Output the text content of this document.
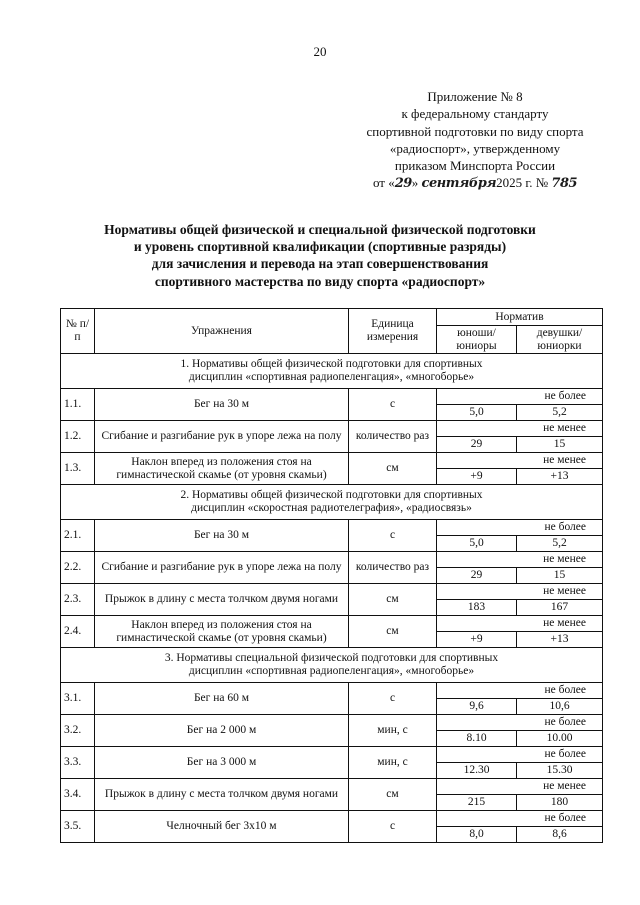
20
Приложение № 8
к федеральному стандарту
спортивной подготовки по виду спорта
«радиоспорт», утвержденному
приказом Минспорта России
от «29» сентября2025 г. № 785
Нормативы общей физической и специальной физической подготовки
и уровень спортивной квалификации (спортивные разряды)
для зачисления и перевода на этап совершенствования
спортивного мастерства по виду спорта «радиоспорт»
№ п/п	Упражнения	Единица измерения	Норматив	
			юноши/ юниоры	девушки/ юниорки

1. Нормативы общей физической подготовки для спортивных
дисциплин «спортивная радиопеленгация», «многоборье»				

1.1.	Бег на 30 м	с	не более	
			5,0	5,2
1.2.	Сгибание и разгибание рук в упоре лежа на полу	количество раз	не менее	
			29	15
1.3.	Наклон вперед из положения стоя на гимнастической скамье (от уровня скамьи)	см	не менее	
			+9	+13

2. Нормативы общей физической подготовки для спортивных
дисциплин «скоростная радиотелеграфия», «радиосвязь»				

2.1.	Бег на 30 м	с	не более	
			5,0	5,2
2.2.	Сгибание и разгибание рук в упоре лежа на полу	количество раз	не менее	
			29	15
2.3.	Прыжок в длину с места толчком двумя ногами	см	не менее	
			183	167
2.4.	Наклон вперед из положения стоя на гимнастической скамье (от уровня скамьи)	см	не менее	
			+9	+13

3. Нормативы специальной физической подготовки для спортивных
дисциплин «спортивная радиопеленгация», «многоборье»				

3.1.	Бег на 60 м	с	не более	
			9,6	10,6
3.2.	Бег на 2 000 м	мин, с	не более	
			8.10	10.00
3.3.	Бег на 3 000 м	мин, с	не более	
			12.30	15.30
3.4.	Прыжок в длину с места толчком двумя ногами	см	не менее	
			215	180
3.5.	Челночный бег 3х10 м	с	не более	
			8,0	8,6
